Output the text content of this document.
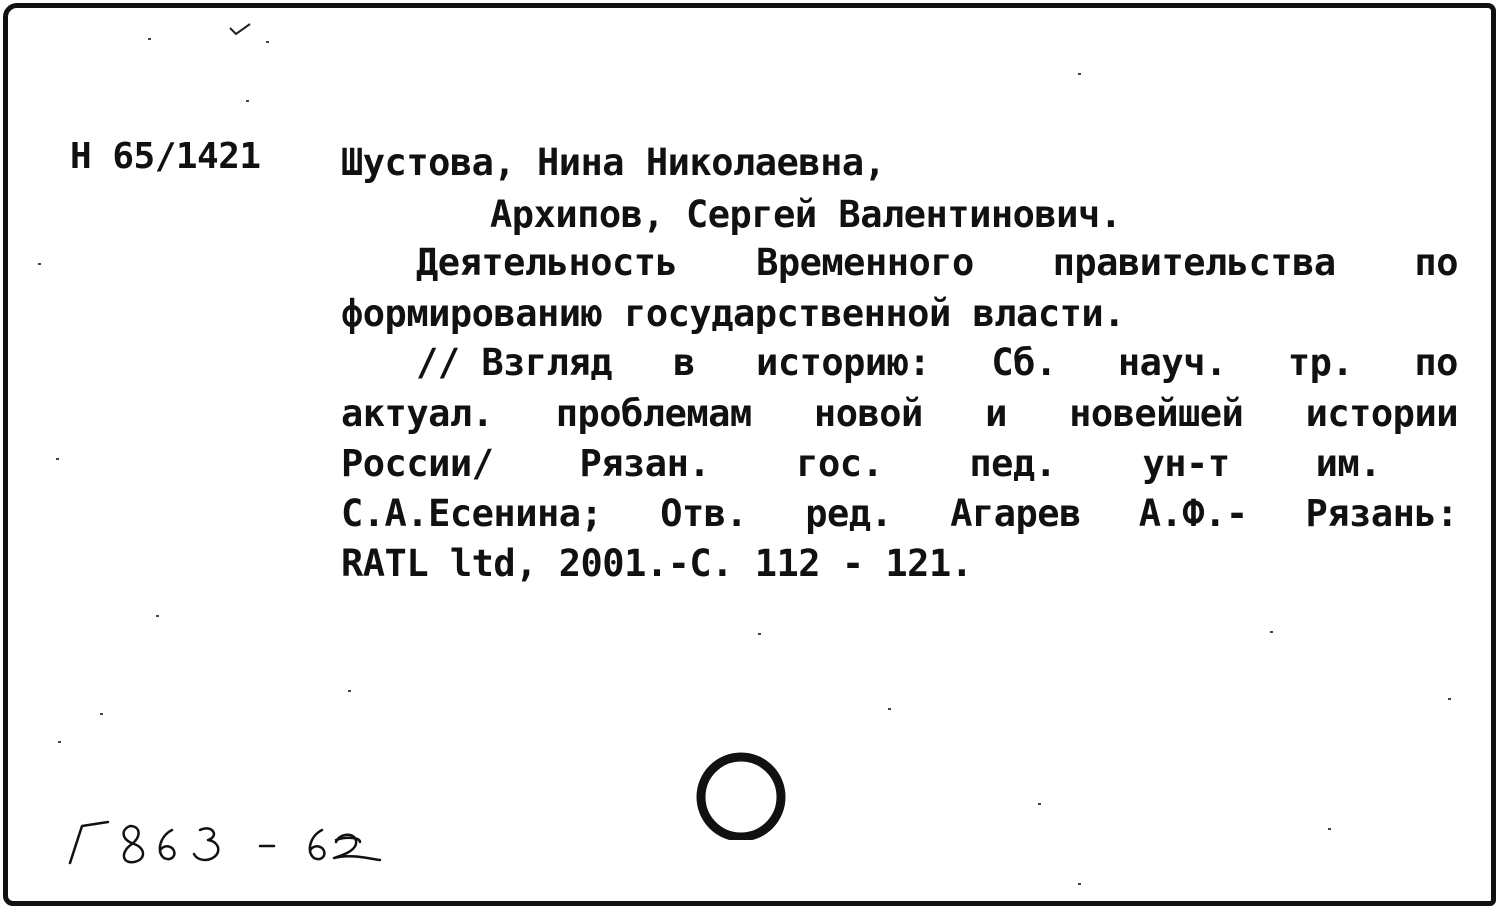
Н 65/1421 Шустова, Нина Николаевна,
Архипов, Сергей Валентинович.
Деятельность Временного правительства по
формированию государственной власти.
// Взгляд в историю: Сб. науч. тр. по
актуал. проблемам новой и новейшей истории
России/ Рязан. гос. пед. ун-т им.
С.А.Есенина; Отв. ред. Агарев А.Ф.- Рязань:
RATL ltd, 2001.-С. 112 - 121.
